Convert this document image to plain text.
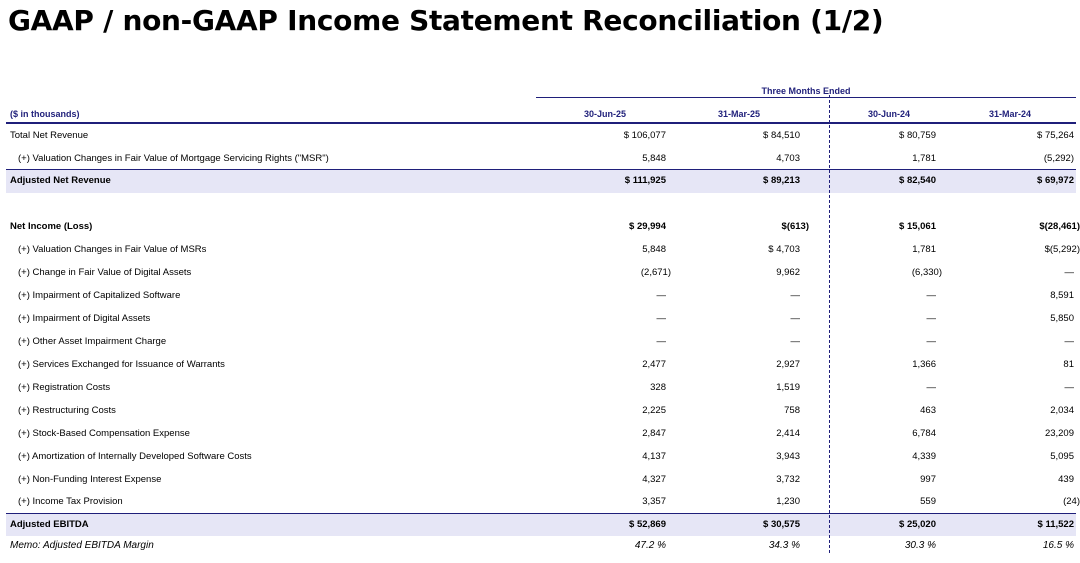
GAAP / non-GAAP Income Statement Reconciliation (1/2)
Three Months Ended
($ in thousands)	30-Jun-25	31-Mar-25	30-Jun-24	31-Mar-24
Total Net Revenue	$ 106,077	$ 84,510	$ 80,759	$ 75,264
(+) Valuation Changes in Fair Value of Mortgage Servicing Rights ("MSR")	5,848	4,703	1,781	(5,292)
Adjusted Net Revenue	$ 111,925	$ 89,213	$ 82,540	$ 69,972
Net Income (Loss)	$ 29,994	$(613)	$ 15,061	$(28,461)
(+) Valuation Changes in Fair Value of MSRs	5,848	$ 4,703	1,781	$(5,292)
(+) Change in Fair Value of Digital Assets	(2,671)	9,962	(6,330)	—
(+) Impairment of Capitalized Software	—	—	—	8,591
(+) Impairment of Digital Assets	—	—	—	5,850
(+) Other Asset Impairment Charge	—	—	—	—
(+) Services Exchanged for Issuance of Warrants	2,477	2,927	1,366	81
(+) Registration Costs	328	1,519	—	—
(+) Restructuring Costs	2,225	758	463	2,034
(+) Stock-Based Compensation Expense	2,847	2,414	6,784	23,209
(+) Amortization of Internally Developed Software Costs	4,137	3,943	4,339	5,095
(+) Non-Funding Interest Expense	4,327	3,732	997	439
(+) Income Tax Provision	3,357	1,230	559	(24)
Adjusted EBITDA	$ 52,869	$ 30,575	$ 25,020	$ 11,522
Memo: Adjusted EBITDA Margin	47.2 %	34.3 %	30.3 %	16.5 %
